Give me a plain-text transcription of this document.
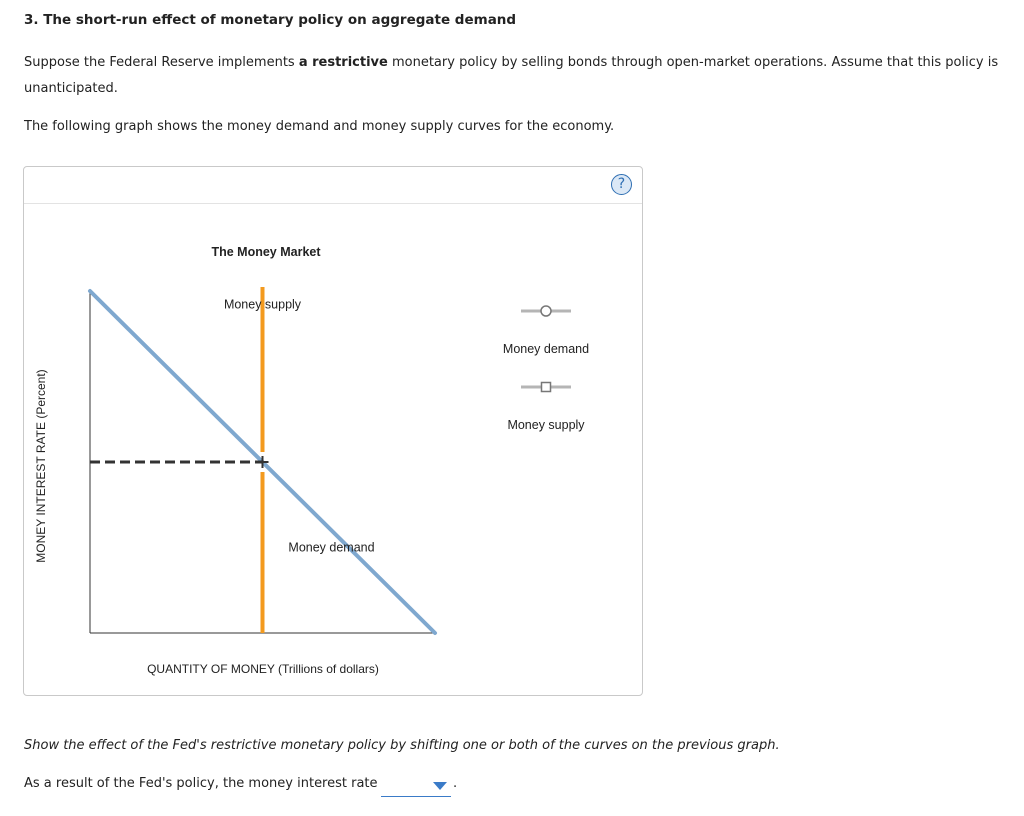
3. The short-run effect of monetary policy on aggregate demand
Suppose the Federal Reserve implements a restrictive monetary policy by selling bonds through open-market operations. Assume that this policy is unanticipated.
The following graph shows the money demand and money supply curves for the economy.
?
The Money Market
MONEY INTEREST RATE (Percent)
QUANTITY OF MONEY (Trillions of dollars)
Money demand
Money supply
Money demand
Money supply
Show the effect of the Fed's restrictive monetary policy by shifting one or both of the curves on the previous graph.
As a result of the Fed's policy, the money interest rate	.
